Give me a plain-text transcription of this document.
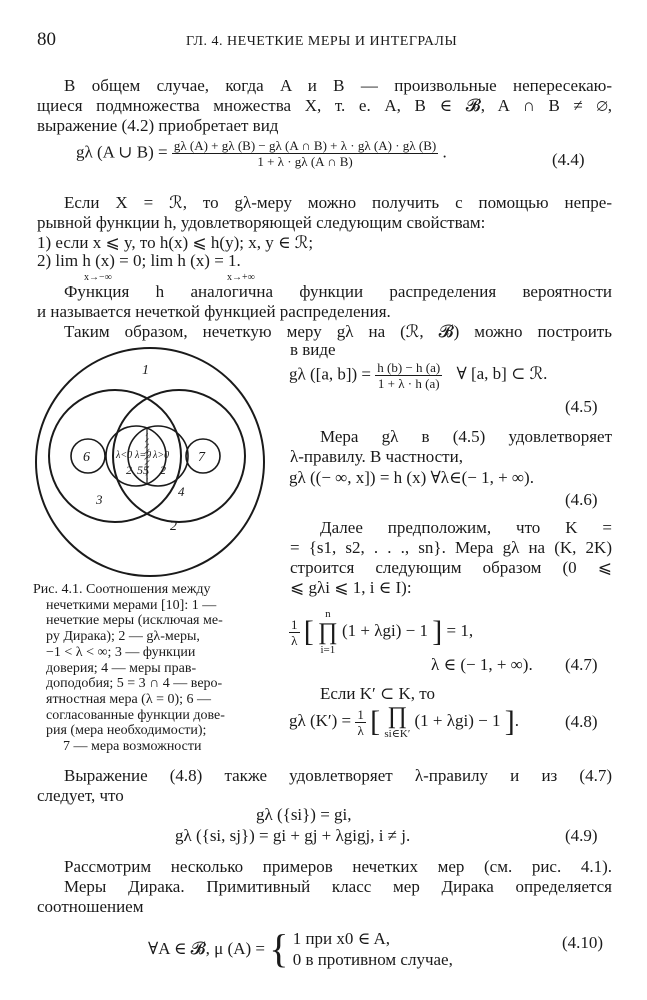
80	ГЛ. 4. НЕЧЕТКИЕ МЕРЫ И ИНТЕГРАЛЫ
В общем случае, когда A и B — произвольные непересекаю-
щиеся подмножества множества X, т. е. A, B ∈ 𝓑, A ∩ B ≠ ∅,
выражение (4.2) приобретает вид
gλ (A ∪ $B) = \frac{g\lambda (A) + g\lambda (B) - g\lambda (A \cap B) + \lambda \cdot g\lambda (A) \cdot g\lambda (B)}{1 + \lambda \cdot g\lambda (A \cap B)}$ .	(4.4)
Если X = ℛ, то gλ-меру можно получить с помощью непре-
рывной функции h, удовлетворяющей следующим свойствам:
1) если x ⩽ y, то h(x) ⩽ h(y); x, y ∈ ℛ;
2) lim h (x) = 0; lim h (x) = 1.
x→−∞	x→+∞
Функция h аналогична функции распределения вероятности
и называется нечеткой функцией распределения.
Таким образом, нечеткую меру gλ на (ℛ, 𝓑) можно построить
в виде
1
2
3
4
5
6	7
λ<0 λ=0 λ>0
2 5 2
gλ ([a, $b]) = \frac{h (b) - h (a)}{1 + \lambda \cdot h (a)}$ ∀ [a, b] ⊂ ℛ.
(4.5)
Мера gλ в (4.5) удовлетворяет
λ-правилу. В частности,
gλ ((− ∞, x]) = h (x) ∀λ∈(− 1, + ∞).
(4.6)
Далее предположим, что K =
= {s1, s2, . . ., sn}. Мера gλ на (K, 2K)
строится следующим образом (0 ⩽
⩽ gλi ⩽ 1, i ∈ I):
Рис. 4.1. Соотношения между
нечеткими мерами [10]: 1 —
нечеткие меры (исключая ме-
ру Дирака); 2 — gλ-меры,
−1 < λ < ∞; 3 — функции
доверия; 4 — меры прав-
доподобия; 5 = 3 ∩ 4 — веро-
ятностная мера (λ = 0); 6 —
согласованные функции дове-
рия (мера необходимости);
7 — мера возможности
$\frac{1}{\lambda}$ [
n
∏
i=1
(1 + λgi) − 1 ] = 1,
λ ∈ (− 1, + ∞). (4.7)
Если K′ ⊂ K, то
gλ $(K') = \frac{1}{\lambda}$ [ ∏
si∈K′
(1 + λgi) − 1 ].	(4.8)
Выражение (4.8) также удовлетворяет λ-правилу и из (4.7)
следует, что
gλ ({si}) = gi,
gλ ({si, sj}) = gi + gj + λgigj, i ≠ j.	(4.9)
Рассмотрим несколько примеров нечетких мер (см. рис. 4.1).
Меры Дирака. Примитивный класс мер Дирака определяется
соотношением
∀A ∈ 𝓑, μ (A) = { 1 при x0 ∈ A,
0 в противном случае,
(4.10)
